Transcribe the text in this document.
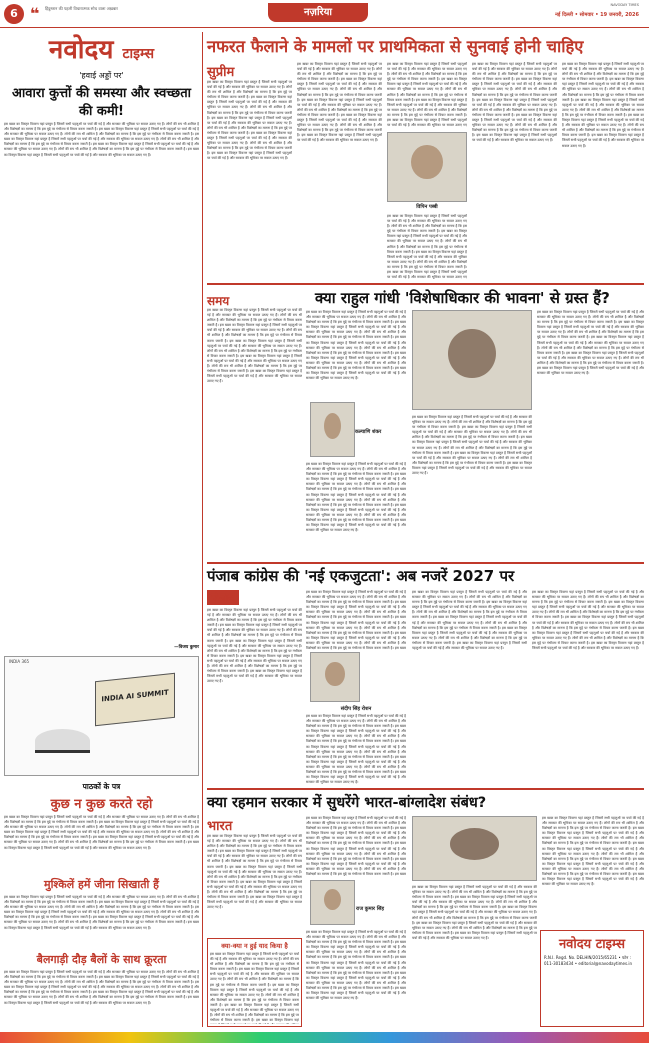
6 ❝ हिंदुस्तान की पहली विचारात्मक सोच वाला अख़बार	नज़रिया
NAVODAY TIMES
नई दिल्ली • सोमवार • 19 जनवरी, 2026
नवोदय टाइम्स
'हवाई अड्डों पर'
आवारा कुत्तों की समस्या और स्वच्छता की कमी!
इस खबर का विस्तृत विवरण यहां प्रस्तुत है जिसमें सभी पहलुओं पर चर्चा की गई है और सरकार की भूमिका पर सवाल उठाए गए हैं। लोगों की राय भी शामिल है और विशेषज्ञों का मानना है कि इस मुद्दे पर गंभीरता से विचार करना जरूरी है। इस खबर का विस्तृत विवरण यहां प्रस्तुत है जिसमें सभी पहलुओं पर चर्चा की गई है और सरकार की भूमिका पर सवाल उठाए गए हैं। लोगों की राय भी शामिल है और विशेषज्ञों का मानना है कि इस मुद्दे पर गंभीरता से विचार करना जरूरी है। इस खबर का विस्तृत विवरण यहां प्रस्तुत है जिसमें सभी पहलुओं पर चर्चा की गई है और सरकार की भूमिका पर सवाल उठाए गए हैं। लोगों की राय भी शामिल है और विशेषज्ञों का मानना है कि इस मुद्दे पर गंभीरता से विचार करना जरूरी है। इस खबर का विस्तृत विवरण यहां प्रस्तुत है जिसमें सभी पहलुओं पर चर्चा की गई है और सरकार की भूमिका पर सवाल उठाए गए हैं। लोगों की राय भी शामिल है और विशेषज्ञों का मानना है कि इस मुद्दे पर गंभीरता से विचार करना जरूरी है। इस खबर का विस्तृत विवरण यहां प्रस्तुत है जिसमें सभी पहलुओं पर चर्चा की गई है और सरकार की भूमिका पर सवाल उठाए गए हैं।
—विजय कुमार
INDIA 365
INDIA AI SUMMIT
पाठकों के पत्र
कुछ न कुछ करते रहो
इस खबर का विस्तृत विवरण यहां प्रस्तुत है जिसमें सभी पहलुओं पर चर्चा की गई है और सरकार की भूमिका पर सवाल उठाए गए हैं। लोगों की राय भी शामिल है और विशेषज्ञों का मानना है कि इस मुद्दे पर गंभीरता से विचार करना जरूरी है। इस खबर का विस्तृत विवरण यहां प्रस्तुत है जिसमें सभी पहलुओं पर चर्चा की गई है और सरकार की भूमिका पर सवाल उठाए गए हैं। लोगों की राय भी शामिल है और विशेषज्ञों का मानना है कि इस मुद्दे पर गंभीरता से विचार करना जरूरी है। इस खबर का विस्तृत विवरण यहां प्रस्तुत है जिसमें सभी पहलुओं पर चर्चा की गई है और सरकार की भूमिका पर सवाल उठाए गए हैं। लोगों की राय भी शामिल है और विशेषज्ञों का मानना है कि इस मुद्दे पर गंभीरता से विचार करना जरूरी है। इस खबर का विस्तृत विवरण यहां प्रस्तुत है जिसमें सभी पहलुओं पर चर्चा की गई है और सरकार की भूमिका पर सवाल उठाए गए हैं। लोगों की राय भी शामिल है और विशेषज्ञों का मानना है कि इस मुद्दे पर गंभीरता से विचार करना जरूरी है। इस खबर का विस्तृत विवरण यहां प्रस्तुत है जिसमें सभी पहलुओं पर चर्चा की गई है और सरकार की भूमिका पर सवाल उठाए गए हैं।
मुश्किलें हमें जीना सिखाती हैं
इस खबर का विस्तृत विवरण यहां प्रस्तुत है जिसमें सभी पहलुओं पर चर्चा की गई है और सरकार की भूमिका पर सवाल उठाए गए हैं। लोगों की राय भी शामिल है और विशेषज्ञों का मानना है कि इस मुद्दे पर गंभीरता से विचार करना जरूरी है। इस खबर का विस्तृत विवरण यहां प्रस्तुत है जिसमें सभी पहलुओं पर चर्चा की गई है और सरकार की भूमिका पर सवाल उठाए गए हैं। लोगों की राय भी शामिल है और विशेषज्ञों का मानना है कि इस मुद्दे पर गंभीरता से विचार करना जरूरी है। इस खबर का विस्तृत विवरण यहां प्रस्तुत है जिसमें सभी पहलुओं पर चर्चा की गई है और सरकार की भूमिका पर सवाल उठाए गए हैं। लोगों की राय भी शामिल है और विशेषज्ञों का मानना है कि इस मुद्दे पर गंभीरता से विचार करना जरूरी है। इस खबर का विस्तृत विवरण यहां प्रस्तुत है जिसमें सभी पहलुओं पर चर्चा की गई है और सरकार की भूमिका पर सवाल उठाए गए हैं। लोगों की राय भी शामिल है और विशेषज्ञों का मानना है कि इस मुद्दे पर गंभीरता से विचार करना जरूरी है। इस खबर का विस्तृत विवरण यहां प्रस्तुत है जिसमें सभी पहलुओं पर चर्चा की गई है और सरकार की भूमिका पर सवाल उठाए गए हैं।
बैलगाड़ी दौड़ बैलों के साथ क्रूरता
इस खबर का विस्तृत विवरण यहां प्रस्तुत है जिसमें सभी पहलुओं पर चर्चा की गई है और सरकार की भूमिका पर सवाल उठाए गए हैं। लोगों की राय भी शामिल है और विशेषज्ञों का मानना है कि इस मुद्दे पर गंभीरता से विचार करना जरूरी है। इस खबर का विस्तृत विवरण यहां प्रस्तुत है जिसमें सभी पहलुओं पर चर्चा की गई है और सरकार की भूमिका पर सवाल उठाए गए हैं। लोगों की राय भी शामिल है और विशेषज्ञों का मानना है कि इस मुद्दे पर गंभीरता से विचार करना जरूरी है। इस खबर का विस्तृत विवरण यहां प्रस्तुत है जिसमें सभी पहलुओं पर चर्चा की गई है और सरकार की भूमिका पर सवाल उठाए गए हैं। लोगों की राय भी शामिल है और विशेषज्ञों का मानना है कि इस मुद्दे पर गंभीरता से विचार करना जरूरी है। इस खबर का विस्तृत विवरण यहां प्रस्तुत है जिसमें सभी पहलुओं पर चर्चा की गई है और सरकार की भूमिका पर सवाल उठाए गए हैं। लोगों की राय भी शामिल है और विशेषज्ञों का मानना है कि इस मुद्दे पर गंभीरता से विचार करना जरूरी है। इस खबर का विस्तृत विवरण यहां प्रस्तुत है जिसमें सभी पहलुओं पर चर्चा की गई है और सरकार की भूमिका पर सवाल उठाए गए हैं।
नफरत फैलाने के मामलों पर प्राथमिकता से सुनवाई होनी चाहिए
सुप्रीम
इस खबर का विस्तृत विवरण यहां प्रस्तुत है जिसमें सभी पहलुओं पर चर्चा की गई है और सरकार की भूमिका पर सवाल उठाए गए हैं। लोगों की राय भी शामिल है और विशेषज्ञों का मानना है कि इस मुद्दे पर गंभीरता से विचार करना जरूरी है। इस खबर का विस्तृत विवरण यहां प्रस्तुत है जिसमें सभी पहलुओं पर चर्चा की गई है और सरकार की भूमिका पर सवाल उठाए गए हैं। लोगों की राय भी शामिल है और विशेषज्ञों का मानना है कि इस मुद्दे पर गंभीरता से विचार करना जरूरी है। इस खबर का विस्तृत विवरण यहां प्रस्तुत है जिसमें सभी पहलुओं पर चर्चा की गई है और सरकार की भूमिका पर सवाल उठाए गए हैं। लोगों की राय भी शामिल है और विशेषज्ञों का मानना है कि इस मुद्दे पर गंभीरता से विचार करना जरूरी है। इस खबर का विस्तृत विवरण यहां प्रस्तुत है जिसमें सभी पहलुओं पर चर्चा की गई है और सरकार की भूमिका पर सवाल उठाए गए हैं। लोगों की राय भी शामिल है और विशेषज्ञों का मानना है कि इस मुद्दे पर गंभीरता से विचार करना जरूरी है। इस खबर का विस्तृत विवरण यहां प्रस्तुत है जिसमें सभी पहलुओं पर चर्चा की गई है और सरकार की भूमिका पर सवाल उठाए गए हैं।
इस खबर का विस्तृत विवरण यहां प्रस्तुत है जिसमें सभी पहलुओं पर चर्चा की गई है और सरकार की भूमिका पर सवाल उठाए गए हैं। लोगों की राय भी शामिल है और विशेषज्ञों का मानना है कि इस मुद्दे पर गंभीरता से विचार करना जरूरी है। इस खबर का विस्तृत विवरण यहां प्रस्तुत है जिसमें सभी पहलुओं पर चर्चा की गई है और सरकार की भूमिका पर सवाल उठाए गए हैं। लोगों की राय भी शामिल है और विशेषज्ञों का मानना है कि इस मुद्दे पर गंभीरता से विचार करना जरूरी है। इस खबर का विस्तृत विवरण यहां प्रस्तुत है जिसमें सभी पहलुओं पर चर्चा की गई है और सरकार की भूमिका पर सवाल उठाए गए हैं। लोगों की राय भी शामिल है और विशेषज्ञों का मानना है कि इस मुद्दे पर गंभीरता से विचार करना जरूरी है। इस खबर का विस्तृत विवरण यहां प्रस्तुत है जिसमें सभी पहलुओं पर चर्चा की गई है और सरकार की भूमिका पर सवाल उठाए गए हैं। लोगों की राय भी शामिल है और विशेषज्ञों का मानना है कि इस मुद्दे पर गंभीरता से विचार करना जरूरी है। इस खबर का विस्तृत विवरण यहां प्रस्तुत है जिसमें सभी पहलुओं पर चर्चा की गई है और सरकार की भूमिका पर सवाल उठाए गए हैं।
विपिन पब्बी
इस खबर का विस्तृत विवरण यहां प्रस्तुत है जिसमें सभी पहलुओं पर चर्चा की गई है और सरकार की भूमिका पर सवाल उठाए गए हैं। लोगों की राय भी शामिल है और विशेषज्ञों का मानना है कि इस मुद्दे पर गंभीरता से विचार करना जरूरी है। इस खबर का विस्तृत विवरण यहां प्रस्तुत है जिसमें सभी पहलुओं पर चर्चा की गई है और सरकार की भूमिका पर सवाल उठाए गए हैं। लोगों की राय भी शामिल है और विशेषज्ञों का मानना है कि इस मुद्दे पर गंभीरता से विचार करना जरूरी है। इस खबर का विस्तृत विवरण यहां प्रस्तुत है जिसमें सभी पहलुओं पर चर्चा की गई है और सरकार की भूमिका पर सवाल उठाए गए हैं। लोगों की राय भी शामिल है और विशेषज्ञों का मानना है कि इस मुद्दे पर गंभीरता से विचार करना जरूरी है। इस खबर का विस्तृत विवरण यहां प्रस्तुत है जिसमें सभी पहलुओं पर चर्चा की गई है और सरकार की भूमिका पर सवाल उठाए गए हैं। लोगों की राय भी शामिल है और विशेषज्ञों का मानना है कि इस मुद्दे पर गंभीरता से विचार करना जरूरी है। इस खबर का विस्तृत विवरण यहां प्रस्तुत है जिसमें सभी पहलुओं पर चर्चा की गई है और सरकार की भूमिका पर सवाल उठाए गए हैं।
इस खबर का विस्तृत विवरण यहां प्रस्तुत है जिसमें सभी पहलुओं पर चर्चा की गई है और सरकार की भूमिका पर सवाल उठाए गए हैं। लोगों की राय भी शामिल है और विशेषज्ञों का मानना है कि इस मुद्दे पर गंभीरता से विचार करना जरूरी है। इस खबर का विस्तृत विवरण यहां प्रस्तुत है जिसमें सभी पहलुओं पर चर्चा की गई है और सरकार की भूमिका पर सवाल उठाए गए हैं। लोगों की राय भी शामिल है और विशेषज्ञों का मानना है कि इस मुद्दे पर गंभीरता से विचार करना जरूरी है। इस खबर का विस्तृत विवरण यहां प्रस्तुत है जिसमें सभी पहलुओं पर चर्चा की गई है और सरकार की भूमिका पर सवाल उठाए गए हैं। लोगों की राय भी शामिल है और विशेषज्ञों का मानना है कि इस मुद्दे पर गंभीरता से विचार करना जरूरी है। इस खबर का विस्तृत विवरण यहां प्रस्तुत है जिसमें सभी पहलुओं पर चर्चा की गई है और सरकार की भूमिका पर सवाल उठाए गए हैं। लोगों की राय भी शामिल है और विशेषज्ञों का मानना है कि इस मुद्दे पर गंभीरता से विचार करना जरूरी है। इस खबर का विस्तृत विवरण यहां प्रस्तुत है जिसमें सभी पहलुओं पर चर्चा की गई है और सरकार की भूमिका पर सवाल उठाए गए हैं।
इस खबर का विस्तृत विवरण यहां प्रस्तुत है जिसमें सभी पहलुओं पर चर्चा की गई है और सरकार की भूमिका पर सवाल उठाए गए हैं। लोगों की राय भी शामिल है और विशेषज्ञों का मानना है कि इस मुद्दे पर गंभीरता से विचार करना जरूरी है। इस खबर का विस्तृत विवरण यहां प्रस्तुत है जिसमें सभी पहलुओं पर चर्चा की गई है और सरकार की भूमिका पर सवाल उठाए गए हैं। लोगों की राय भी शामिल है और विशेषज्ञों का मानना है कि इस मुद्दे पर गंभीरता से विचार करना जरूरी है। इस खबर का विस्तृत विवरण यहां प्रस्तुत है जिसमें सभी पहलुओं पर चर्चा की गई है और सरकार की भूमिका पर सवाल उठाए गए हैं। लोगों की राय भी शामिल है और विशेषज्ञों का मानना है कि इस मुद्दे पर गंभीरता से विचार करना जरूरी है। इस खबर का विस्तृत विवरण यहां प्रस्तुत है जिसमें सभी पहलुओं पर चर्चा की गई है और सरकार की भूमिका पर सवाल उठाए गए हैं। लोगों की राय भी शामिल है और विशेषज्ञों का मानना है कि इस मुद्दे पर गंभीरता से विचार करना जरूरी है। इस खबर का विस्तृत विवरण यहां प्रस्तुत है जिसमें सभी पहलुओं पर चर्चा की गई है और सरकार की भूमिका पर सवाल उठाए गए हैं।
इस खबर का विस्तृत विवरण यहां प्रस्तुत है जिसमें सभी पहलुओं पर चर्चा की गई है और सरकार की भूमिका पर सवाल उठाए गए हैं। लोगों की राय भी शामिल है और विशेषज्ञों का मानना है कि इस मुद्दे पर गंभीरता से विचार करना जरूरी है। इस खबर का विस्तृत विवरण यहां प्रस्तुत है जिसमें सभी पहलुओं पर चर्चा की गई है और सरकार की भूमिका पर सवाल उठाए गए हैं। लोगों की राय भी शामिल है और विशेषज्ञों का मानना है कि इस मुद्दे पर गंभीरता से विचार करना जरूरी है। इस खबर का विस्तृत विवरण यहां प्रस्तुत है जिसमें सभी पहलुओं पर चर्चा की गई है और सरकार की भूमिका पर सवाल उठाए गए हैं। लोगों की राय भी शामिल है और विशेषज्ञों का मानना है कि इस मुद्दे पर गंभीरता से विचार करना जरूरी है। इस खबर का विस्तृत विवरण यहां प्रस्तुत है जिसमें सभी पहलुओं पर चर्चा की गई है और सरकार की भूमिका पर सवाल उठाए गए हैं। लोगों की राय भी शामिल है और विशेषज्ञों का मानना है कि इस मुद्दे पर गंभीरता से विचार करना जरूरी है। इस खबर का विस्तृत विवरण यहां प्रस्तुत है जिसमें सभी पहलुओं पर चर्चा की गई है और सरकार की भूमिका पर सवाल उठाए गए हैं।
समय	क्या राहुल गांधी 'विशेषाधिकार की भावना' से ग्रस्त हैं?
इस खबर का विस्तृत विवरण यहां प्रस्तुत है जिसमें सभी पहलुओं पर चर्चा की गई है और सरकार की भूमिका पर सवाल उठाए गए हैं। लोगों की राय भी शामिल है और विशेषज्ञों का मानना है कि इस मुद्दे पर गंभीरता से विचार करना जरूरी है। इस खबर का विस्तृत विवरण यहां प्रस्तुत है जिसमें सभी पहलुओं पर चर्चा की गई है और सरकार की भूमिका पर सवाल उठाए गए हैं। लोगों की राय भी शामिल है और विशेषज्ञों का मानना है कि इस मुद्दे पर गंभीरता से विचार करना जरूरी है। इस खबर का विस्तृत विवरण यहां प्रस्तुत है जिसमें सभी पहलुओं पर चर्चा की गई है और सरकार की भूमिका पर सवाल उठाए गए हैं। लोगों की राय भी शामिल है और विशेषज्ञों का मानना है कि इस मुद्दे पर गंभीरता से विचार करना जरूरी है। इस खबर का विस्तृत विवरण यहां प्रस्तुत है जिसमें सभी पहलुओं पर चर्चा की गई है और सरकार की भूमिका पर सवाल उठाए गए हैं। लोगों की राय भी शामिल है और विशेषज्ञों का मानना है कि इस मुद्दे पर गंभीरता से विचार करना जरूरी है। इस खबर का विस्तृत विवरण यहां प्रस्तुत है जिसमें सभी पहलुओं पर चर्चा की गई है और सरकार की भूमिका पर सवाल उठाए गए हैं।
इस खबर का विस्तृत विवरण यहां प्रस्तुत है जिसमें सभी पहलुओं पर चर्चा की गई है और सरकार की भूमिका पर सवाल उठाए गए हैं। लोगों की राय भी शामिल है और विशेषज्ञों का मानना है कि इस मुद्दे पर गंभीरता से विचार करना जरूरी है। इस खबर का विस्तृत विवरण यहां प्रस्तुत है जिसमें सभी पहलुओं पर चर्चा की गई है और सरकार की भूमिका पर सवाल उठाए गए हैं। लोगों की राय भी शामिल है और विशेषज्ञों का मानना है कि इस मुद्दे पर गंभीरता से विचार करना जरूरी है। इस खबर का विस्तृत विवरण यहां प्रस्तुत है जिसमें सभी पहलुओं पर चर्चा की गई है और सरकार की भूमिका पर सवाल उठाए गए हैं। लोगों की राय भी शामिल है और विशेषज्ञों का मानना है कि इस मुद्दे पर गंभीरता से विचार करना जरूरी है। इस खबर का विस्तृत विवरण यहां प्रस्तुत है जिसमें सभी पहलुओं पर चर्चा की गई है और सरकार की भूमिका पर सवाल उठाए गए हैं। लोगों की राय भी शामिल है और विशेषज्ञों का मानना है कि इस मुद्दे पर गंभीरता से विचार करना जरूरी है। इस खबर का विस्तृत विवरण यहां प्रस्तुत है जिसमें सभी पहलुओं पर चर्चा की गई है और सरकार की भूमिका पर सवाल उठाए गए हैं।
कल्याणि शंकर
इस खबर का विस्तृत विवरण यहां प्रस्तुत है जिसमें सभी पहलुओं पर चर्चा की गई है और सरकार की भूमिका पर सवाल उठाए गए हैं। लोगों की राय भी शामिल है और विशेषज्ञों का मानना है कि इस मुद्दे पर गंभीरता से विचार करना जरूरी है। इस खबर का विस्तृत विवरण यहां प्रस्तुत है जिसमें सभी पहलुओं पर चर्चा की गई है और सरकार की भूमिका पर सवाल उठाए गए हैं। लोगों की राय भी शामिल है और विशेषज्ञों का मानना है कि इस मुद्दे पर गंभीरता से विचार करना जरूरी है। इस खबर का विस्तृत विवरण यहां प्रस्तुत है जिसमें सभी पहलुओं पर चर्चा की गई है और सरकार की भूमिका पर सवाल उठाए गए हैं। लोगों की राय भी शामिल है और विशेषज्ञों का मानना है कि इस मुद्दे पर गंभीरता से विचार करना जरूरी है। इस खबर का विस्तृत विवरण यहां प्रस्तुत है जिसमें सभी पहलुओं पर चर्चा की गई है और सरकार की भूमिका पर सवाल उठाए गए हैं। लोगों की राय भी शामिल है और विशेषज्ञों का मानना है कि इस मुद्दे पर गंभीरता से विचार करना जरूरी है। इस खबर का विस्तृत विवरण यहां प्रस्तुत है जिसमें सभी पहलुओं पर चर्चा की गई है और सरकार की भूमिका पर सवाल उठाए गए हैं।
इस खबर का विस्तृत विवरण यहां प्रस्तुत है जिसमें सभी पहलुओं पर चर्चा की गई है और सरकार की भूमिका पर सवाल उठाए गए हैं। लोगों की राय भी शामिल है और विशेषज्ञों का मानना है कि इस मुद्दे पर गंभीरता से विचार करना जरूरी है। इस खबर का विस्तृत विवरण यहां प्रस्तुत है जिसमें सभी पहलुओं पर चर्चा की गई है और सरकार की भूमिका पर सवाल उठाए गए हैं। लोगों की राय भी शामिल है और विशेषज्ञों का मानना है कि इस मुद्दे पर गंभीरता से विचार करना जरूरी है। इस खबर का विस्तृत विवरण यहां प्रस्तुत है जिसमें सभी पहलुओं पर चर्चा की गई है और सरकार की भूमिका पर सवाल उठाए गए हैं। लोगों की राय भी शामिल है और विशेषज्ञों का मानना है कि इस मुद्दे पर गंभीरता से विचार करना जरूरी है। इस खबर का विस्तृत विवरण यहां प्रस्तुत है जिसमें सभी पहलुओं पर चर्चा की गई है और सरकार की भूमिका पर सवाल उठाए गए हैं। लोगों की राय भी शामिल है और विशेषज्ञों का मानना है कि इस मुद्दे पर गंभीरता से विचार करना जरूरी है। इस खबर का विस्तृत विवरण यहां प्रस्तुत है जिसमें सभी पहलुओं पर चर्चा की गई है और सरकार की भूमिका पर सवाल उठाए गए हैं।
इस खबर का विस्तृत विवरण यहां प्रस्तुत है जिसमें सभी पहलुओं पर चर्चा की गई है और सरकार की भूमिका पर सवाल उठाए गए हैं। लोगों की राय भी शामिल है और विशेषज्ञों का मानना है कि इस मुद्दे पर गंभीरता से विचार करना जरूरी है। इस खबर का विस्तृत विवरण यहां प्रस्तुत है जिसमें सभी पहलुओं पर चर्चा की गई है और सरकार की भूमिका पर सवाल उठाए गए हैं। लोगों की राय भी शामिल है और विशेषज्ञों का मानना है कि इस मुद्दे पर गंभीरता से विचार करना जरूरी है। इस खबर का विस्तृत विवरण यहां प्रस्तुत है जिसमें सभी पहलुओं पर चर्चा की गई है और सरकार की भूमिका पर सवाल उठाए गए हैं। लोगों की राय भी शामिल है और विशेषज्ञों का मानना है कि इस मुद्दे पर गंभीरता से विचार करना जरूरी है। इस खबर का विस्तृत विवरण यहां प्रस्तुत है जिसमें सभी पहलुओं पर चर्चा की गई है और सरकार की भूमिका पर सवाल उठाए गए हैं। लोगों की राय भी शामिल है और विशेषज्ञों का मानना है कि इस मुद्दे पर गंभीरता से विचार करना जरूरी है। इस खबर का विस्तृत विवरण यहां प्रस्तुत है जिसमें सभी पहलुओं पर चर्चा की गई है और सरकार की भूमिका पर सवाल उठाए गए हैं।
पंजाब कांग्रेस की 'नई एकजुटता': अब नजरें 2027 पर
पंजाब
इस खबर का विस्तृत विवरण यहां प्रस्तुत है जिसमें सभी पहलुओं पर चर्चा की गई है और सरकार की भूमिका पर सवाल उठाए गए हैं। लोगों की राय भी शामिल है और विशेषज्ञों का मानना है कि इस मुद्दे पर गंभीरता से विचार करना जरूरी है। इस खबर का विस्तृत विवरण यहां प्रस्तुत है जिसमें सभी पहलुओं पर चर्चा की गई है और सरकार की भूमिका पर सवाल उठाए गए हैं। लोगों की राय भी शामिल है और विशेषज्ञों का मानना है कि इस मुद्दे पर गंभीरता से विचार करना जरूरी है। इस खबर का विस्तृत विवरण यहां प्रस्तुत है जिसमें सभी पहलुओं पर चर्चा की गई है और सरकार की भूमिका पर सवाल उठाए गए हैं। लोगों की राय भी शामिल है और विशेषज्ञों का मानना है कि इस मुद्दे पर गंभीरता से विचार करना जरूरी है। इस खबर का विस्तृत विवरण यहां प्रस्तुत है जिसमें सभी पहलुओं पर चर्चा की गई है और सरकार की भूमिका पर सवाल उठाए गए हैं। लोगों की राय भी शामिल है और विशेषज्ञों का मानना है कि इस मुद्दे पर गंभीरता से विचार करना जरूरी है। इस खबर का विस्तृत विवरण यहां प्रस्तुत है जिसमें सभी पहलुओं पर चर्चा की गई है और सरकार की भूमिका पर सवाल उठाए गए हैं।
इस खबर का विस्तृत विवरण यहां प्रस्तुत है जिसमें सभी पहलुओं पर चर्चा की गई है और सरकार की भूमिका पर सवाल उठाए गए हैं। लोगों की राय भी शामिल है और विशेषज्ञों का मानना है कि इस मुद्दे पर गंभीरता से विचार करना जरूरी है। इस खबर का विस्तृत विवरण यहां प्रस्तुत है जिसमें सभी पहलुओं पर चर्चा की गई है और सरकार की भूमिका पर सवाल उठाए गए हैं। लोगों की राय भी शामिल है और विशेषज्ञों का मानना है कि इस मुद्दे पर गंभीरता से विचार करना जरूरी है। इस खबर का विस्तृत विवरण यहां प्रस्तुत है जिसमें सभी पहलुओं पर चर्चा की गई है और सरकार की भूमिका पर सवाल उठाए गए हैं। लोगों की राय भी शामिल है और विशेषज्ञों का मानना है कि इस मुद्दे पर गंभीरता से विचार करना जरूरी है। इस खबर का विस्तृत विवरण यहां प्रस्तुत है जिसमें सभी पहलुओं पर चर्चा की गई है और सरकार की भूमिका पर सवाल उठाए गए हैं। लोगों की राय भी शामिल है और विशेषज्ञों का मानना है कि इस मुद्दे पर गंभीरता से विचार करना जरूरी है। इस खबर का विस्तृत विवरण यहां प्रस्तुत है जिसमें सभी पहलुओं पर चर्चा की गई है और सरकार की भूमिका पर सवाल उठाए गए हैं।
संदीप सिंह रोशन
इस खबर का विस्तृत विवरण यहां प्रस्तुत है जिसमें सभी पहलुओं पर चर्चा की गई है और सरकार की भूमिका पर सवाल उठाए गए हैं। लोगों की राय भी शामिल है और विशेषज्ञों का मानना है कि इस मुद्दे पर गंभीरता से विचार करना जरूरी है। इस खबर का विस्तृत विवरण यहां प्रस्तुत है जिसमें सभी पहलुओं पर चर्चा की गई है और सरकार की भूमिका पर सवाल उठाए गए हैं। लोगों की राय भी शामिल है और विशेषज्ञों का मानना है कि इस मुद्दे पर गंभीरता से विचार करना जरूरी है। इस खबर का विस्तृत विवरण यहां प्रस्तुत है जिसमें सभी पहलुओं पर चर्चा की गई है और सरकार की भूमिका पर सवाल उठाए गए हैं। लोगों की राय भी शामिल है और विशेषज्ञों का मानना है कि इस मुद्दे पर गंभीरता से विचार करना जरूरी है। इस खबर का विस्तृत विवरण यहां प्रस्तुत है जिसमें सभी पहलुओं पर चर्चा की गई है और सरकार की भूमिका पर सवाल उठाए गए हैं। लोगों की राय भी शामिल है और विशेषज्ञों का मानना है कि इस मुद्दे पर गंभीरता से विचार करना जरूरी है। इस खबर का विस्तृत विवरण यहां प्रस्तुत है जिसमें सभी पहलुओं पर चर्चा की गई है और सरकार की भूमिका पर सवाल उठाए गए हैं।
इस खबर का विस्तृत विवरण यहां प्रस्तुत है जिसमें सभी पहलुओं पर चर्चा की गई है और सरकार की भूमिका पर सवाल उठाए गए हैं। लोगों की राय भी शामिल है और विशेषज्ञों का मानना है कि इस मुद्दे पर गंभीरता से विचार करना जरूरी है। इस खबर का विस्तृत विवरण यहां प्रस्तुत है जिसमें सभी पहलुओं पर चर्चा की गई है और सरकार की भूमिका पर सवाल उठाए गए हैं। लोगों की राय भी शामिल है और विशेषज्ञों का मानना है कि इस मुद्दे पर गंभीरता से विचार करना जरूरी है। इस खबर का विस्तृत विवरण यहां प्रस्तुत है जिसमें सभी पहलुओं पर चर्चा की गई है और सरकार की भूमिका पर सवाल उठाए गए हैं। लोगों की राय भी शामिल है और विशेषज्ञों का मानना है कि इस मुद्दे पर गंभीरता से विचार करना जरूरी है। इस खबर का विस्तृत विवरण यहां प्रस्तुत है जिसमें सभी पहलुओं पर चर्चा की गई है और सरकार की भूमिका पर सवाल उठाए गए हैं। लोगों की राय भी शामिल है और विशेषज्ञों का मानना है कि इस मुद्दे पर गंभीरता से विचार करना जरूरी है। इस खबर का विस्तृत विवरण यहां प्रस्तुत है जिसमें सभी पहलुओं पर चर्चा की गई है और सरकार की भूमिका पर सवाल उठाए गए हैं।
इस खबर का विस्तृत विवरण यहां प्रस्तुत है जिसमें सभी पहलुओं पर चर्चा की गई है और सरकार की भूमिका पर सवाल उठाए गए हैं। लोगों की राय भी शामिल है और विशेषज्ञों का मानना है कि इस मुद्दे पर गंभीरता से विचार करना जरूरी है। इस खबर का विस्तृत विवरण यहां प्रस्तुत है जिसमें सभी पहलुओं पर चर्चा की गई है और सरकार की भूमिका पर सवाल उठाए गए हैं। लोगों की राय भी शामिल है और विशेषज्ञों का मानना है कि इस मुद्दे पर गंभीरता से विचार करना जरूरी है। इस खबर का विस्तृत विवरण यहां प्रस्तुत है जिसमें सभी पहलुओं पर चर्चा की गई है और सरकार की भूमिका पर सवाल उठाए गए हैं। लोगों की राय भी शामिल है और विशेषज्ञों का मानना है कि इस मुद्दे पर गंभीरता से विचार करना जरूरी है। इस खबर का विस्तृत विवरण यहां प्रस्तुत है जिसमें सभी पहलुओं पर चर्चा की गई है और सरकार की भूमिका पर सवाल उठाए गए हैं। लोगों की राय भी शामिल है और विशेषज्ञों का मानना है कि इस मुद्दे पर गंभीरता से विचार करना जरूरी है। इस खबर का विस्तृत विवरण यहां प्रस्तुत है जिसमें सभी पहलुओं पर चर्चा की गई है और सरकार की भूमिका पर सवाल उठाए गए हैं।
क्या रहमान सरकार में सुधरेंगे भारत-बांग्लादेश संबंध?
भारत
इस खबर का विस्तृत विवरण यहां प्रस्तुत है जिसमें सभी पहलुओं पर चर्चा की गई है और सरकार की भूमिका पर सवाल उठाए गए हैं। लोगों की राय भी शामिल है और विशेषज्ञों का मानना है कि इस मुद्दे पर गंभीरता से विचार करना जरूरी है। इस खबर का विस्तृत विवरण यहां प्रस्तुत है जिसमें सभी पहलुओं पर चर्चा की गई है और सरकार की भूमिका पर सवाल उठाए गए हैं। लोगों की राय भी शामिल है और विशेषज्ञों का मानना है कि इस मुद्दे पर गंभीरता से विचार करना जरूरी है। इस खबर का विस्तृत विवरण यहां प्रस्तुत है जिसमें सभी पहलुओं पर चर्चा की गई है और सरकार की भूमिका पर सवाल उठाए गए हैं। लोगों की राय भी शामिल है और विशेषज्ञों का मानना है कि इस मुद्दे पर गंभीरता से विचार करना जरूरी है। इस खबर का विस्तृत विवरण यहां प्रस्तुत है जिसमें सभी पहलुओं पर चर्चा की गई है और सरकार की भूमिका पर सवाल उठाए गए हैं। लोगों की राय भी शामिल है और विशेषज्ञों का मानना है कि इस मुद्दे पर गंभीरता से विचार करना जरूरी है। इस खबर का विस्तृत विवरण यहां प्रस्तुत है जिसमें सभी पहलुओं पर चर्चा की गई है और सरकार की भूमिका पर सवाल उठाए गए हैं।
इस खबर का विस्तृत विवरण यहां प्रस्तुत है जिसमें सभी पहलुओं पर चर्चा की गई है और सरकार की भूमिका पर सवाल उठाए गए हैं। लोगों की राय भी शामिल है और विशेषज्ञों का मानना है कि इस मुद्दे पर गंभीरता से विचार करना जरूरी है। इस खबर का विस्तृत विवरण यहां प्रस्तुत है जिसमें सभी पहलुओं पर चर्चा की गई है और सरकार की भूमिका पर सवाल उठाए गए हैं। लोगों की राय भी शामिल है और विशेषज्ञों का मानना है कि इस मुद्दे पर गंभीरता से विचार करना जरूरी है। इस खबर का विस्तृत विवरण यहां प्रस्तुत है जिसमें सभी पहलुओं पर चर्चा की गई है और सरकार की भूमिका पर सवाल उठाए गए हैं। लोगों की राय भी शामिल है और विशेषज्ञों का मानना है कि इस मुद्दे पर गंभीरता से विचार करना जरूरी है। इस खबर का विस्तृत विवरण यहां प्रस्तुत है जिसमें सभी पहलुओं पर चर्चा की गई है और सरकार की भूमिका पर सवाल उठाए गए हैं। लोगों की राय भी शामिल है और विशेषज्ञों का मानना है कि इस मुद्दे पर गंभीरता से विचार करना जरूरी है। इस खबर का विस्तृत विवरण यहां प्रस्तुत है जिसमें सभी पहलुओं पर चर्चा की गई है और सरकार की भूमिका पर सवाल उठाए गए हैं।
राज कुमार सिंह
इस खबर का विस्तृत विवरण यहां प्रस्तुत है जिसमें सभी पहलुओं पर चर्चा की गई है और सरकार की भूमिका पर सवाल उठाए गए हैं। लोगों की राय भी शामिल है और विशेषज्ञों का मानना है कि इस मुद्दे पर गंभीरता से विचार करना जरूरी है। इस खबर का विस्तृत विवरण यहां प्रस्तुत है जिसमें सभी पहलुओं पर चर्चा की गई है और सरकार की भूमिका पर सवाल उठाए गए हैं। लोगों की राय भी शामिल है और विशेषज्ञों का मानना है कि इस मुद्दे पर गंभीरता से विचार करना जरूरी है। इस खबर का विस्तृत विवरण यहां प्रस्तुत है जिसमें सभी पहलुओं पर चर्चा की गई है और सरकार की भूमिका पर सवाल उठाए गए हैं। लोगों की राय भी शामिल है और विशेषज्ञों का मानना है कि इस मुद्दे पर गंभीरता से विचार करना जरूरी है। इस खबर का विस्तृत विवरण यहां प्रस्तुत है जिसमें सभी पहलुओं पर चर्चा की गई है और सरकार की भूमिका पर सवाल उठाए गए हैं। लोगों की राय भी शामिल है और विशेषज्ञों का मानना है कि इस मुद्दे पर गंभीरता से विचार करना जरूरी है। इस खबर का विस्तृत विवरण यहां प्रस्तुत है जिसमें सभी पहलुओं पर चर्चा की गई है और सरकार की भूमिका पर सवाल उठाए गए हैं।
इस खबर का विस्तृत विवरण यहां प्रस्तुत है जिसमें सभी पहलुओं पर चर्चा की गई है और सरकार की भूमिका पर सवाल उठाए गए हैं। लोगों की राय भी शामिल है और विशेषज्ञों का मानना है कि इस मुद्दे पर गंभीरता से विचार करना जरूरी है। इस खबर का विस्तृत विवरण यहां प्रस्तुत है जिसमें सभी पहलुओं पर चर्चा की गई है और सरकार की भूमिका पर सवाल उठाए गए हैं। लोगों की राय भी शामिल है और विशेषज्ञों का मानना है कि इस मुद्दे पर गंभीरता से विचार करना जरूरी है। इस खबर का विस्तृत विवरण यहां प्रस्तुत है जिसमें सभी पहलुओं पर चर्चा की गई है और सरकार की भूमिका पर सवाल उठाए गए हैं। लोगों की राय भी शामिल है और विशेषज्ञों का मानना है कि इस मुद्दे पर गंभीरता से विचार करना जरूरी है। इस खबर का विस्तृत विवरण यहां प्रस्तुत है जिसमें सभी पहलुओं पर चर्चा की गई है और सरकार की भूमिका पर सवाल उठाए गए हैं। लोगों की राय भी शामिल है और विशेषज्ञों का मानना है कि इस मुद्दे पर गंभीरता से विचार करना जरूरी है। इस खबर का विस्तृत विवरण यहां प्रस्तुत है जिसमें सभी पहलुओं पर चर्चा की गई है और सरकार की भूमिका पर सवाल उठाए गए हैं।
इस खबर का विस्तृत विवरण यहां प्रस्तुत है जिसमें सभी पहलुओं पर चर्चा की गई है और सरकार की भूमिका पर सवाल उठाए गए हैं। लोगों की राय भी शामिल है और विशेषज्ञों का मानना है कि इस मुद्दे पर गंभीरता से विचार करना जरूरी है। इस खबर का विस्तृत विवरण यहां प्रस्तुत है जिसमें सभी पहलुओं पर चर्चा की गई है और सरकार की भूमिका पर सवाल उठाए गए हैं। लोगों की राय भी शामिल है और विशेषज्ञों का मानना है कि इस मुद्दे पर गंभीरता से विचार करना जरूरी है। इस खबर का विस्तृत विवरण यहां प्रस्तुत है जिसमें सभी पहलुओं पर चर्चा की गई है और सरकार की भूमिका पर सवाल उठाए गए हैं। लोगों की राय भी शामिल है और विशेषज्ञों का मानना है कि इस मुद्दे पर गंभीरता से विचार करना जरूरी है। इस खबर का विस्तृत विवरण यहां प्रस्तुत है जिसमें सभी पहलुओं पर चर्चा की गई है और सरकार की भूमिका पर सवाल उठाए गए हैं। लोगों की राय भी शामिल है और विशेषज्ञों का मानना है कि इस मुद्दे पर गंभीरता से विचार करना जरूरी है। इस खबर का विस्तृत विवरण यहां प्रस्तुत है जिसमें सभी पहलुओं पर चर्चा की गई है और सरकार की भूमिका पर सवाल उठाए गए हैं।
क्या-क्या न हुई याद किया है
इस खबर का विस्तृत विवरण यहां प्रस्तुत है जिसमें सभी पहलुओं पर चर्चा की गई है और सरकार की भूमिका पर सवाल उठाए गए हैं। लोगों की राय भी शामिल है और विशेषज्ञों का मानना है कि इस मुद्दे पर गंभीरता से विचार करना जरूरी है। इस खबर का विस्तृत विवरण यहां प्रस्तुत है जिसमें सभी पहलुओं पर चर्चा की गई है और सरकार की भूमिका पर सवाल उठाए गए हैं। लोगों की राय भी शामिल है और विशेषज्ञों का मानना है कि इस मुद्दे पर गंभीरता से विचार करना जरूरी है। इस खबर का विस्तृत विवरण यहां प्रस्तुत है जिसमें सभी पहलुओं पर चर्चा की गई है और सरकार की भूमिका पर सवाल उठाए गए हैं। लोगों की राय भी शामिल है और विशेषज्ञों का मानना है कि इस मुद्दे पर गंभीरता से विचार करना जरूरी है। इस खबर का विस्तृत विवरण यहां प्रस्तुत है जिसमें सभी पहलुओं पर चर्चा की गई है और सरकार की भूमिका पर सवाल उठाए गए हैं। लोगों की राय भी शामिल है और विशेषज्ञों का मानना है कि इस मुद्दे पर गंभीरता से विचार करना जरूरी है। इस खबर का विस्तृत विवरण यहां प्रस्तुत है जिसमें सभी पहलुओं पर चर्चा की गई है और सरकार की भूमिका पर सवाल उठाए गए हैं।	नवोदय टाइम्स
R.N.I. Regd. No. DELHIN/2015/65231 • फोन : 011-30183434 • editorial@navodaytimes.in
